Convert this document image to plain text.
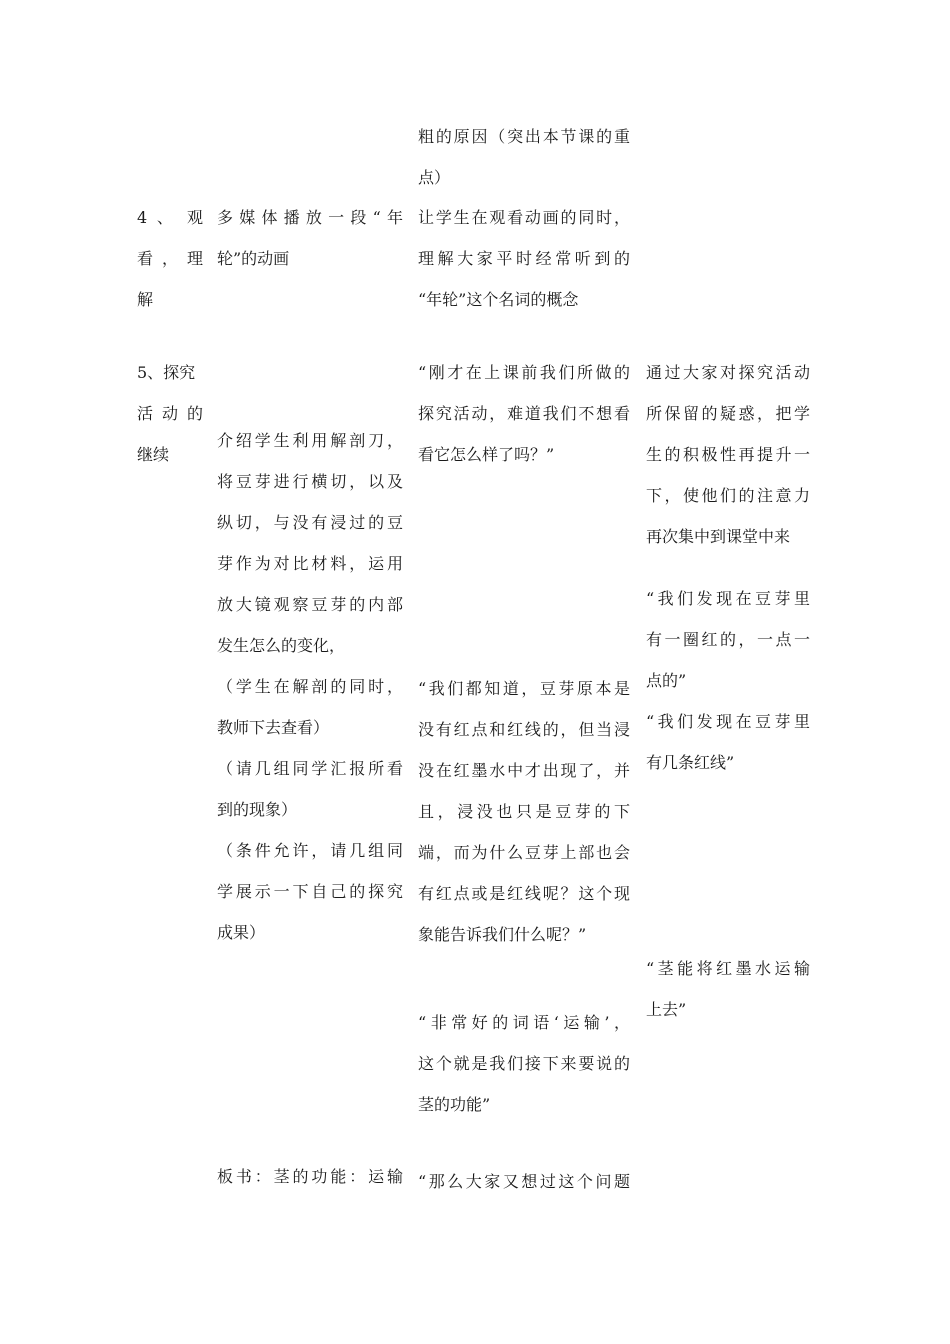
粗的原因（突出本节课的重
点）
4 、 观
看 ， 理
解
多媒体播放一段“年
轮”的动画
让学生在观看动画的同时，
理解大家平时经常听到的
“年轮”这个名词的概念
5、探究
活 动 的
继续
介绍学生利用解剖刀，
将豆芽进行横切，以及
纵切，与没有浸过的豆
芽作为对比材料，运用
放大镜观察豆芽的内部
发生怎么的变化，
（学生在解剖的同时，
教师下去查看）
（请几组同学汇报所看
到的现象）
（条件允许，请几组同
学展示一下自己的探究
成果）
板书：茎的功能：运输
“刚才在上课前我们所做的
探究活动，难道我们不想看
看它怎么样了吗？”
“我们都知道，豆芽原本是
没有红点和红线的，但当浸
没在红墨水中才出现了，并
且，浸没也只是豆芽的下
端，而为什么豆芽上部也会
有红点或是红线呢？这个现
象能告诉我们什么呢？”
“非常好的词语‘运输’，
这个就是我们接下来要说的
茎的功能”
“那么大家又想过这个问题
通过大家对探究活动
所保留的疑惑，把学
生的积极性再提升一
下，使他们的注意力
再次集中到课堂中来
“我们发现在豆芽里
有一圈红的，一点一
点的”
“我们发现在豆芽里
有几条红线”
“茎能将红墨水运输
上去”
